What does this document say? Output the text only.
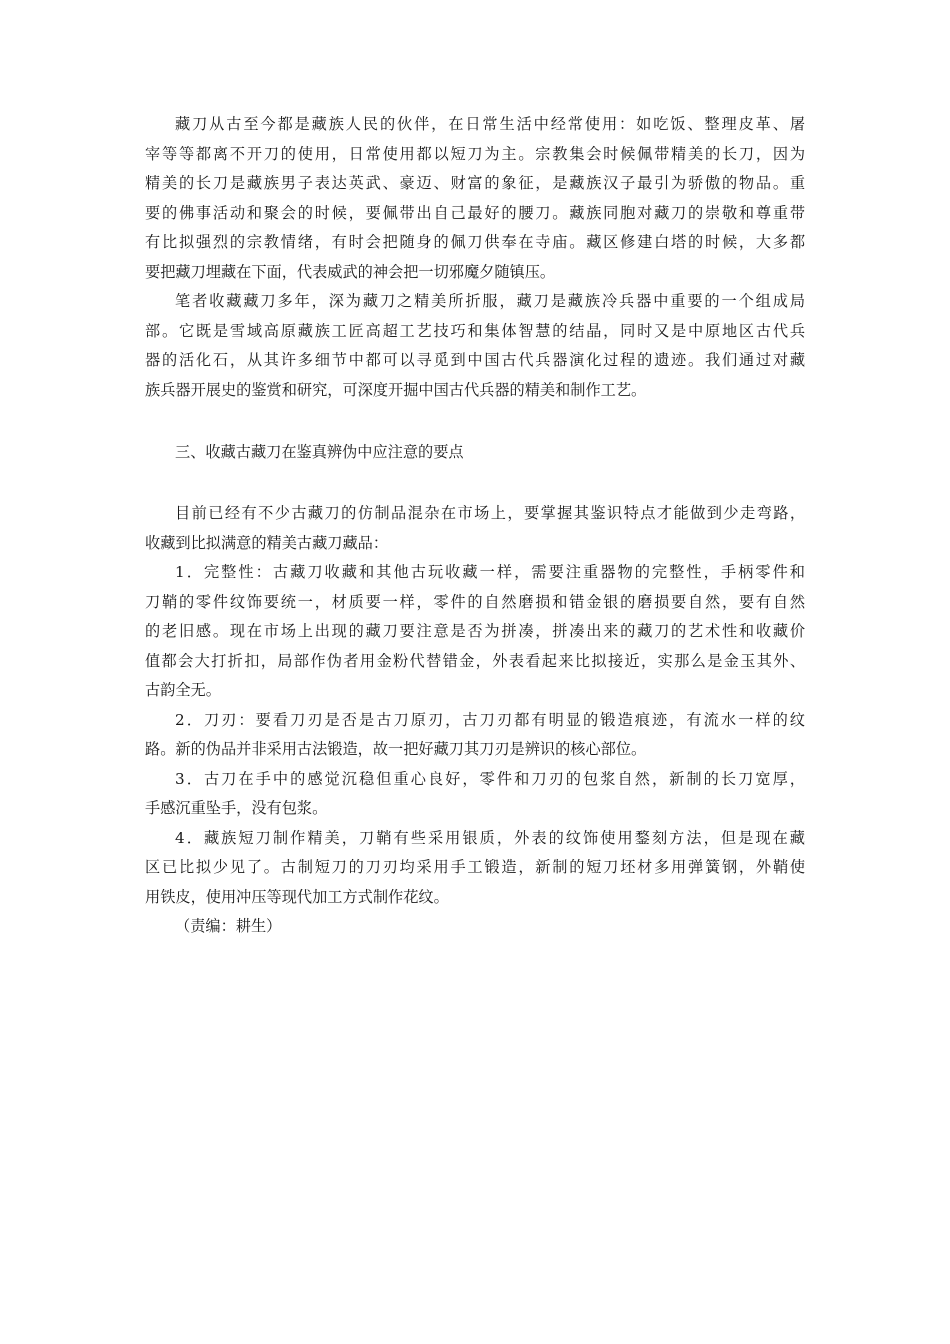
藏刀从古至今都是藏族人民的伙伴，在日常生活中经常使用：如吃饭、整理皮革、屠
宰等等都离不开刀的使用，日常使用都以短刀为主。宗教集会时候佩带精美的长刀，因为
精美的长刀是藏族男子表达英武、豪迈、财富的象征，是藏族汉子最引为骄傲的物品。重
要的佛事活动和聚会的时候，要佩带出自己最好的腰刀。藏族同胞对藏刀的崇敬和尊重带
有比拟强烈的宗教情绪，有时会把随身的佩刀供奉在寺庙。藏区修建白塔的时候，大多都
要把藏刀埋藏在下面，代表威武的神会把一切邪魔夕随镇压。
笔者收藏藏刀多年，深为藏刀之精美所折服，藏刀是藏族冷兵器中重要的一个组成局
部。它既是雪域高原藏族工匠高超工艺技巧和集体智慧的结晶，同时又是中原地区古代兵
器的活化石，从其许多细节中都可以寻觅到中国古代兵器演化过程的遗迹。我们通过对藏
族兵器开展史的鉴赏和研究，可深度开掘中国古代兵器的精美和制作工艺。
三、收藏古藏刀在鉴真辨伪中应注意的要点
目前已经有不少古藏刀的仿制品混杂在市场上，要掌握其鉴识特点才能做到少走弯路，
收藏到比拟满意的精美古藏刀藏品：
1．完整性：古藏刀收藏和其他古玩收藏一样，需要注重器物的完整性，手柄零件和
刀鞘的零件纹饰要统一，材质要一样，零件的自然磨损和错金银的磨损要自然，要有自然
的老旧感。现在市场上出现的藏刀要注意是否为拼凑，拼凑出来的藏刀的艺术性和收藏价
值都会大打折扣，局部作伪者用金粉代替错金，外表看起来比拟接近，实那么是金玉其外、
古韵全无。
2．刀刃：要看刀刃是否是古刀原刃，古刀刃都有明显的锻造痕迹，有流水一样的纹
路。新的伪品并非采用古法锻造，故一把好藏刀其刀刃是辨识的核心部位。
3．古刀在手中的感觉沉稳但重心良好，零件和刀刃的包浆自然，新制的长刀宽厚，
手感沉重坠手，没有包浆。
4．藏族短刀制作精美，刀鞘有些采用银质，外表的纹饰使用鍪刻方法，但是现在藏
区已比拟少见了。古制短刀的刀刃均采用手工锻造，新制的短刀坯材多用弹簧钢，外鞘使
用铁皮，使用冲压等现代加工方式制作花纹。
（责编：耕生）
